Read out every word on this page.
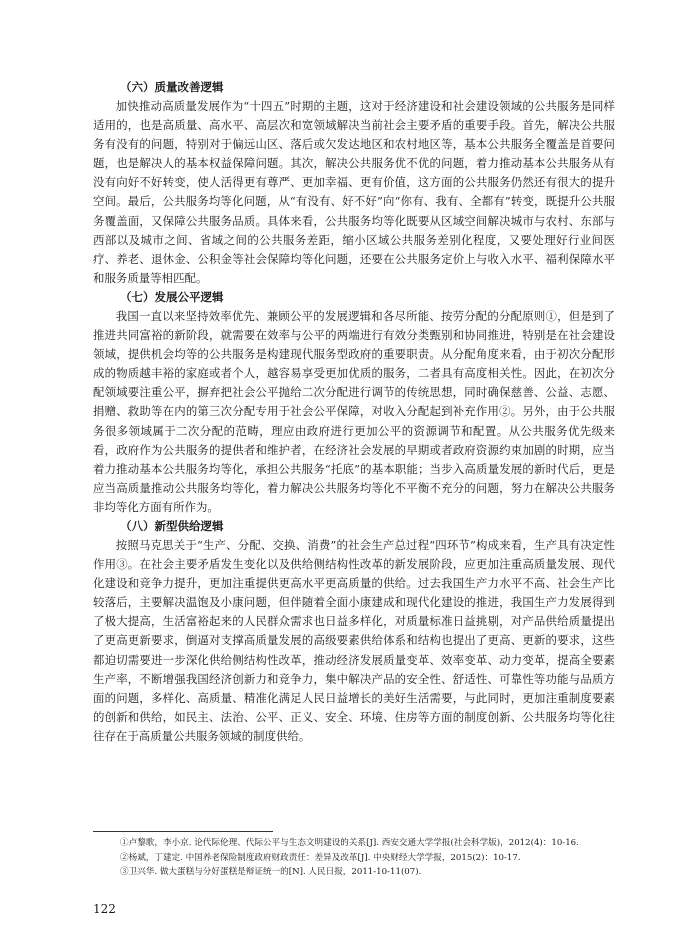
（六）质量改善逻辑

加快推动高质量发展作为“十四五”时期的主题，这对于经济建设和社会建设领域的公共服务是同样适用的，也是高质量、高水平、高层次和宽领域解决当前社会主要矛盾的重要手段。首先，解决公共服务有没有的问题，特别对于偏远山区、落后或欠发达地区和农村地区等，基本公共服务全覆盖是首要问题，也是解决人的基本权益保障问题。其次，解决公共服务优不优的问题，着力推动基本公共服务从有没有向好不好转变，使人活得更有尊严、更加幸福、更有价值，这方面的公共服务仍然还有很大的提升空间。最后，公共服务均等化问题，从“有没有、好不好”向“你有、我有、全都有”转变，既提升公共服务覆盖面，又保障公共服务品质。具体来看，公共服务均等化既要从区域空间解决城市与农村、东部与西部以及城市之间、省域之间的公共服务差距，缩小区域公共服务差别化程度，又要处理好行业间医疗、养老、退休金、公积金等社会保障均等化问题，还要在公共服务定价上与收入水平、福利保障水平和服务质量等相匹配。

（七）发展公平逻辑

我国一直以来坚持效率优先、兼顾公平的发展逻辑和各尽所能、按劳分配的分配原则①，但是到了推进共同富裕的新阶段，就需要在效率与公平的两端进行有效分类甄别和协同推进，特别是在社会建设领域，提供机会均等的公共服务是构建现代服务型政府的重要职责。从分配角度来看，由于初次分配形成的物质越丰裕的家庭或者个人，越容易享受更加优质的服务，二者具有高度相关性。因此，在初次分配领域要注重公平，摒弃把社会公平抛给二次分配进行调节的传统思想，同时确保慈善、公益、志愿、捐赠、救助等在内的第三次分配专用于社会公平保障，对收入分配起到补充作用②。另外，由于公共服务很多领域属于二次分配的范畴，理应由政府进行更加公平的资源调节和配置。从公共服务优先级来看，政府作为公共服务的提供者和维护者，在经济社会发展的早期或者政府资源约束加剧的时期，应当着力推动基本公共服务均等化，承担公共服务“托底”的基本职能；当步入高质量发展的新时代后，更是应当高质量推动公共服务均等化，着力解决公共服务均等化不平衡不充分的问题，努力在解决公共服务非均等化方面有所作为。

（八）新型供给逻辑

按照马克思关于“生产、分配、交换、消费”的社会生产总过程“四环节”构成来看，生产具有决定性作用③。在社会主要矛盾发生变化以及供给侧结构性改革的新发展阶段，应更加注重高质量发展、现代化建设和竞争力提升，更加注重提供更高水平更高质量的供给。过去我国生产力水平不高、社会生产比较落后，主要解决温饱及小康问题，但伴随着全面小康建成和现代化建设的推进，我国生产力发展得到了极大提高，生活富裕起来的人民群众需求也日益多样化，对质量标准日益挑剔，对产品供给质量提出了更高更新要求，倒逼对支撑高质量发展的高级要素供给体系和结构也提出了更高、更新的要求，这些都迫切需要进一步深化供给侧结构性改革，推动经济发展质量变革、效率变革、动力变革，提高全要素生产率，不断增强我国经济创新力和竞争力，集中解决产品的安全性、舒适性、可靠性等功能与品质方面的问题，多样化、高质量、精准化满足人民日益增长的美好生活需要，与此同时，更加注重制度要素的创新和供给，如民主、法治、公平、正义、安全、环境、住房等方面的制度创新、公共服务均等化往往存在于高质量公共服务领域的制度供给。

①卢黎歌，李小京. 论代际伦理、代际公平与生态文明建设的关系[J]. 西安交通大学学报(社会科学版)，2012(4)：10-16.

②杨斌，丁建定. 中国养老保险制度政府财政责任：差异及改革[J]. 中央财经大学学报，2015(2)：10-17.

③卫兴华. 做大蛋糕与分好蛋糕是辩证统一的[N]. 人民日报，2011-10-11(07).

122
